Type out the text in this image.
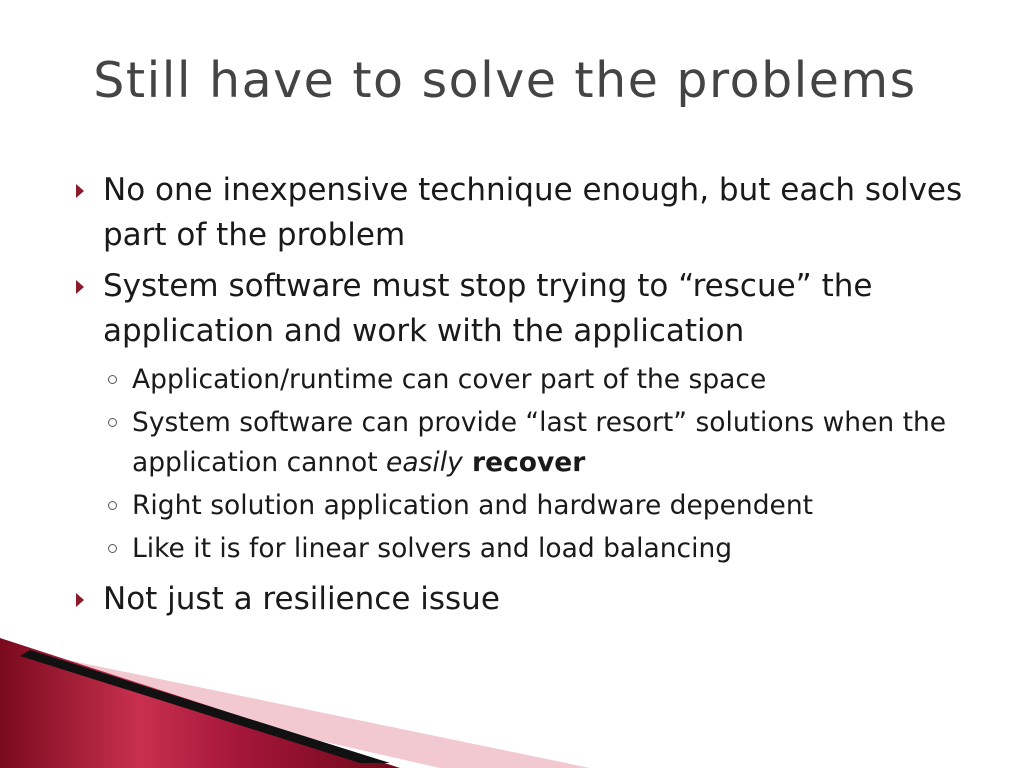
Still have to solve the problems
No one inexpensive technique enough, but each solves part of the problem
System software must stop trying to “rescue” the application and work with the application
Application/runtime can cover part of the space
System software can provide “last resort” solutions when the application cannot easily recover
Right solution application and hardware dependent
Like it is for linear solvers and load balancing
Not just a resilience issue
